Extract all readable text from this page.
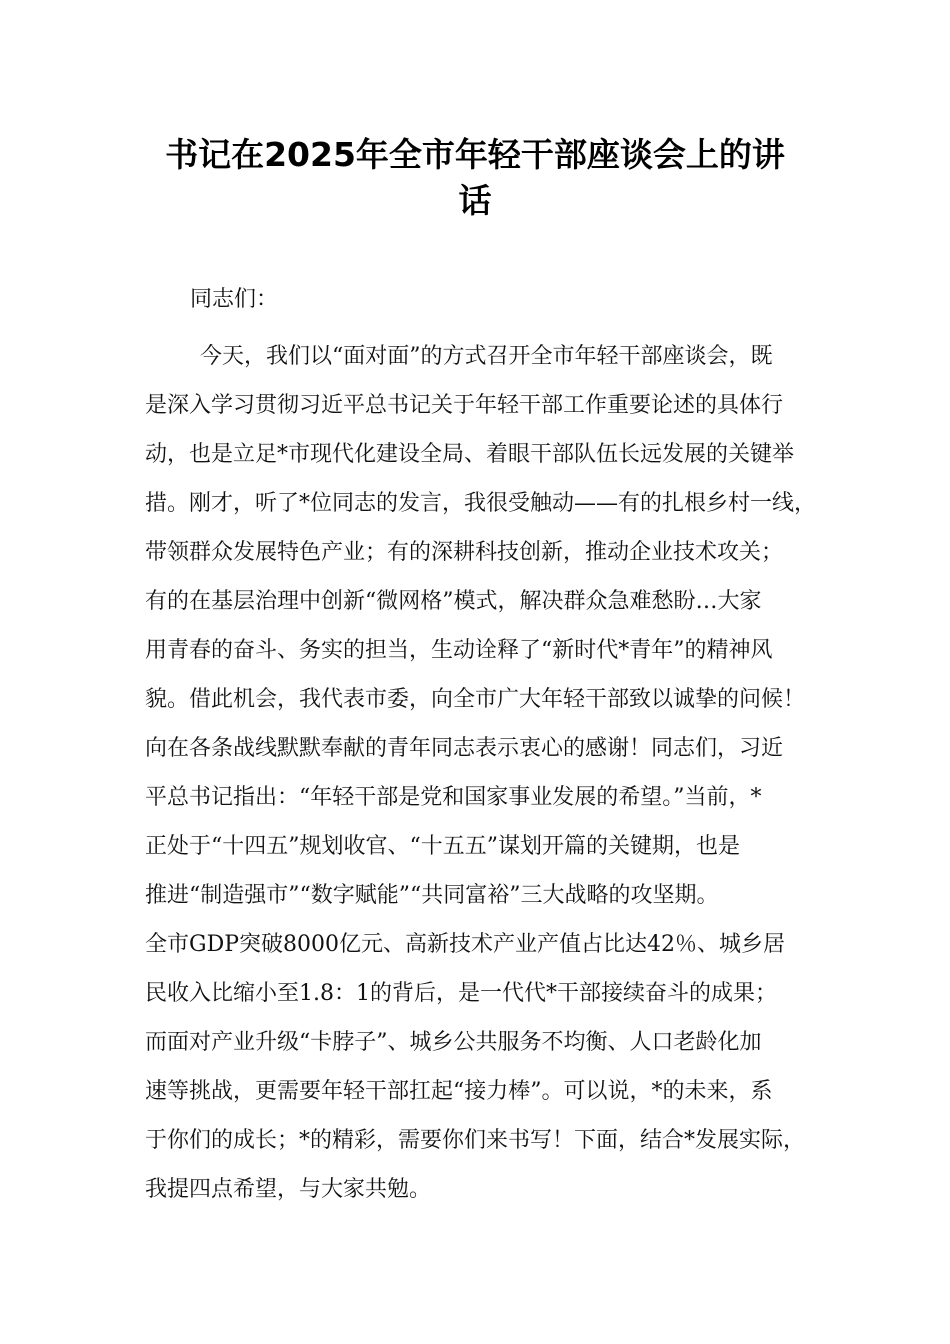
书记在2025年全市年轻干部座谈会上的讲
话

同志们：

今天，我们以“面对面”的方式召开全市年轻干部座谈会，既
是深入学习贯彻习近平总书记关于年轻干部工作重要论述的具体行
动，也是立足*市现代化建设全局、着眼干部队伍长远发展的关键举
措。刚才，听了*位同志的发言，我很受触动——有的扎根乡村一线，
带领群众发展特色产业；有的深耕科技创新，推动企业技术攻关；
有的在基层治理中创新“微网格”模式，解决群众急难愁盼…大家
用青春的奋斗、务实的担当，生动诠释了“新时代*青年”的精神风
貌。借此机会，我代表市委，向全市广大年轻干部致以诚挚的问候！
向在各条战线默默奉献的青年同志表示衷心的感谢！同志们，习近
平总书记指出：“年轻干部是党和国家事业发展的希望。”当前，*
正处于“十四五”规划收官、“十五五”谋划开篇的关键期，也是
推进“制造强市”“数字赋能”“共同富裕”三大战略的攻坚期。
全市GDP突破8000亿元、高新技术产业产值占比达42％、城乡居
民收入比缩小至1.8：1的背后，是一代代*干部接续奋斗的成果；
而面对产业升级“卡脖子”、城乡公共服务不均衡、人口老龄化加
速等挑战，更需要年轻干部扛起“接力棒”。可以说，*的未来，系
于你们的成长；*的精彩，需要你们来书写！下面，结合*发展实际，
我提四点希望，与大家共勉。
